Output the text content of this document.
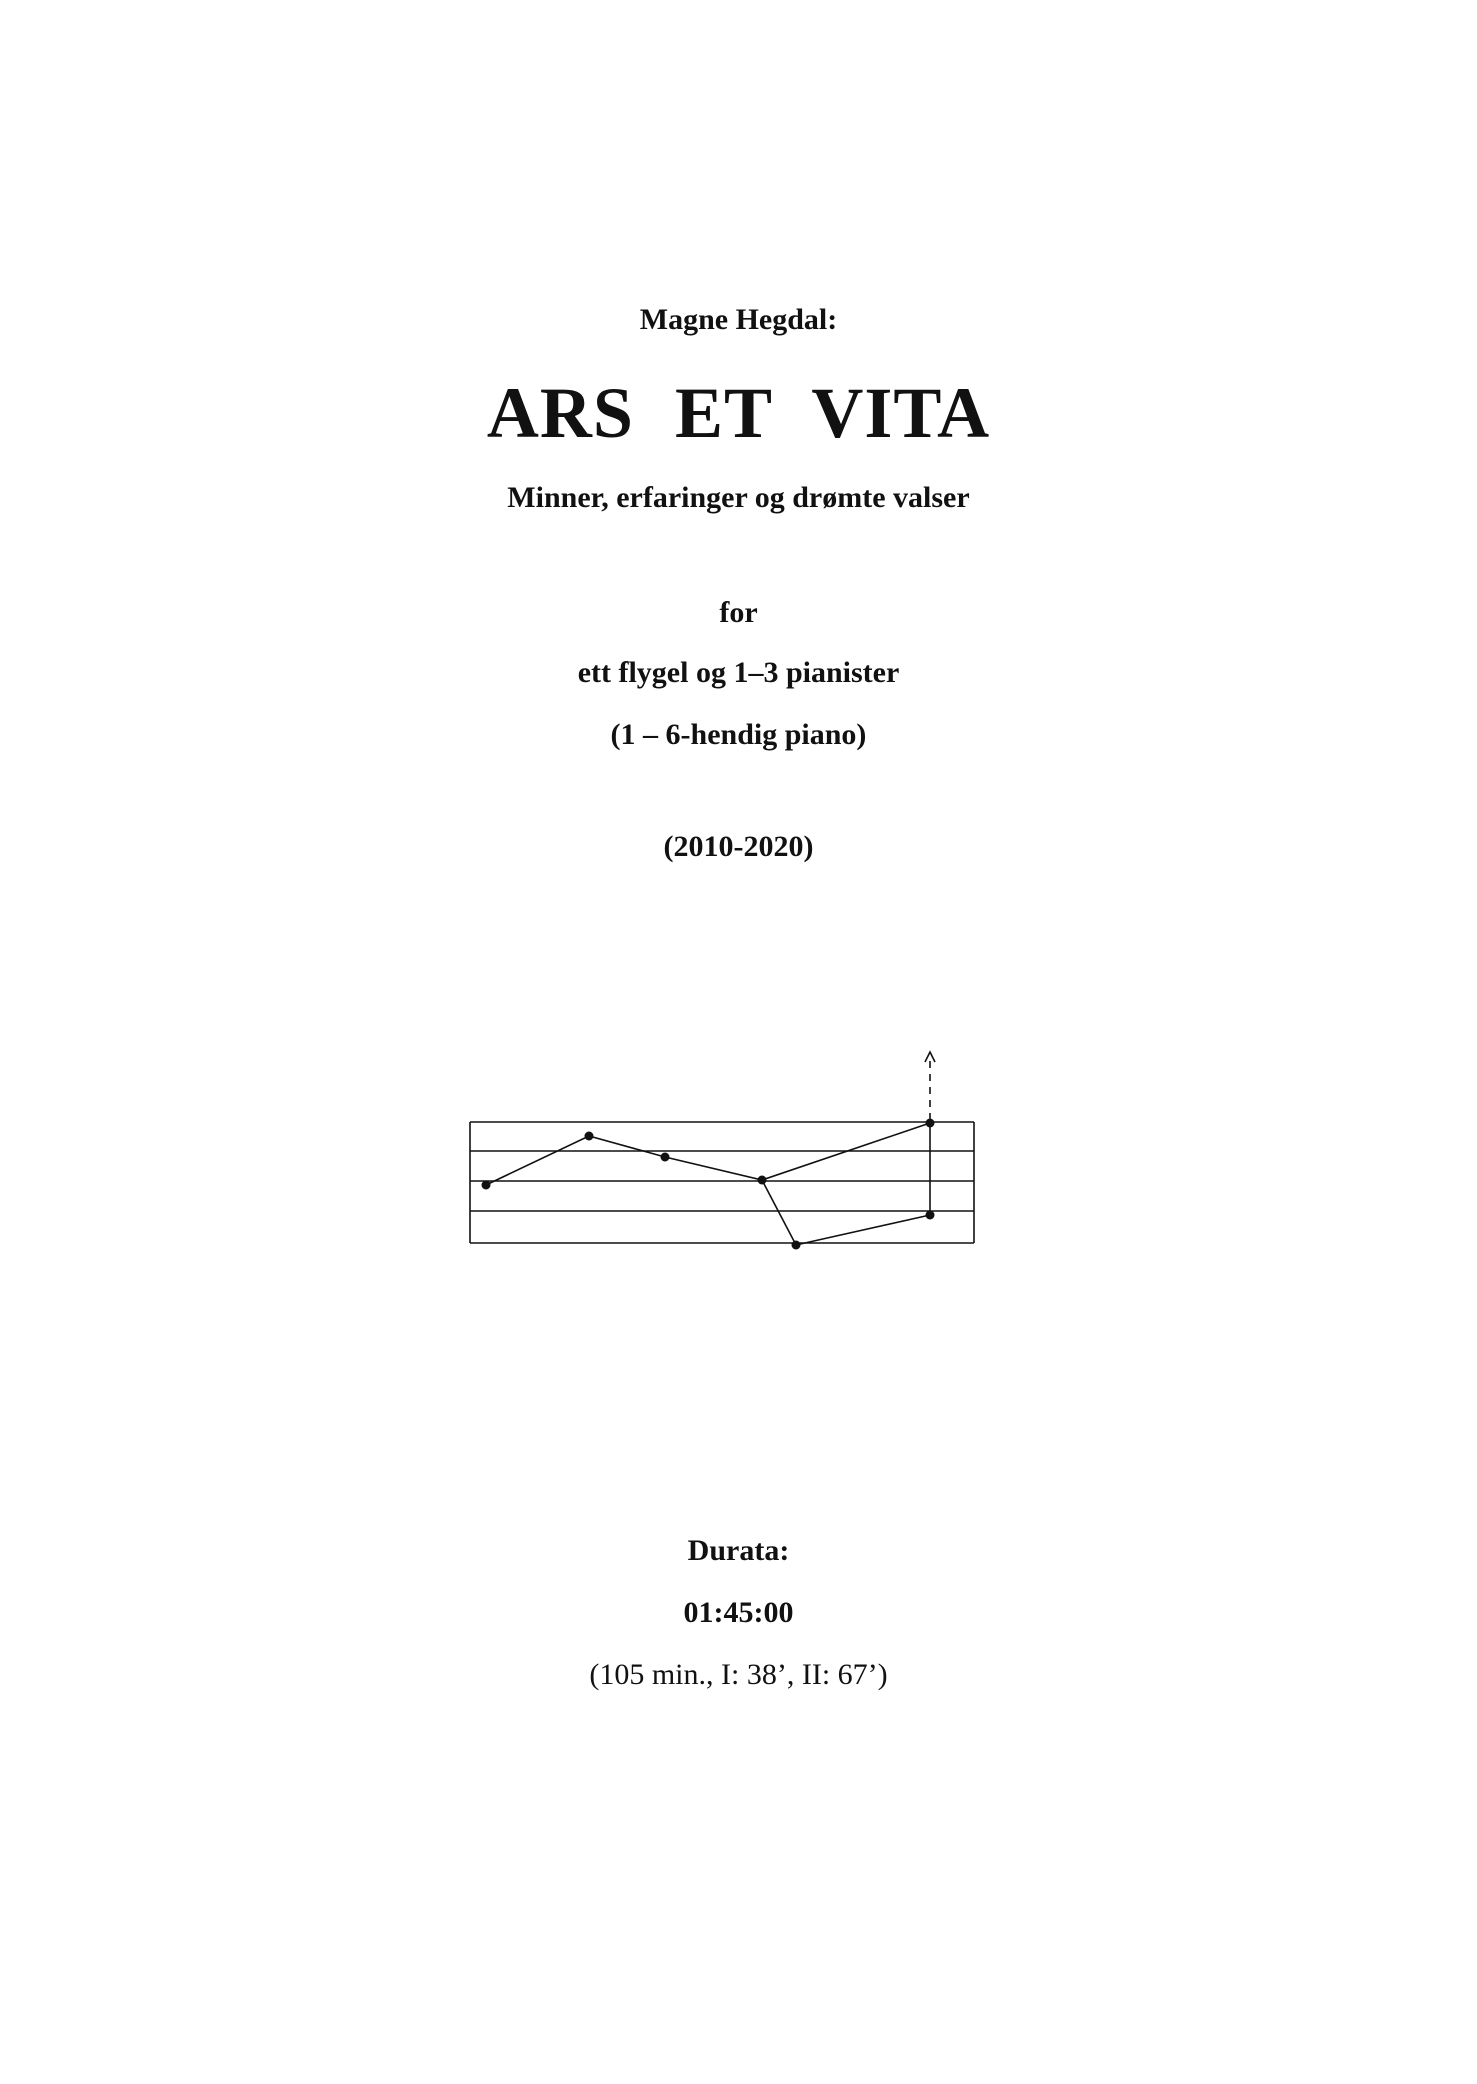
Magne Hegdal:
ARS ET VITA
Minner, erfaringer og drømte valser
for
ett flygel og 1–3 pianister
(1 – 6-hendig piano)
(2010-2020)
Durata:
01:45:00
(105 min., I: 38’, II: 67’)
